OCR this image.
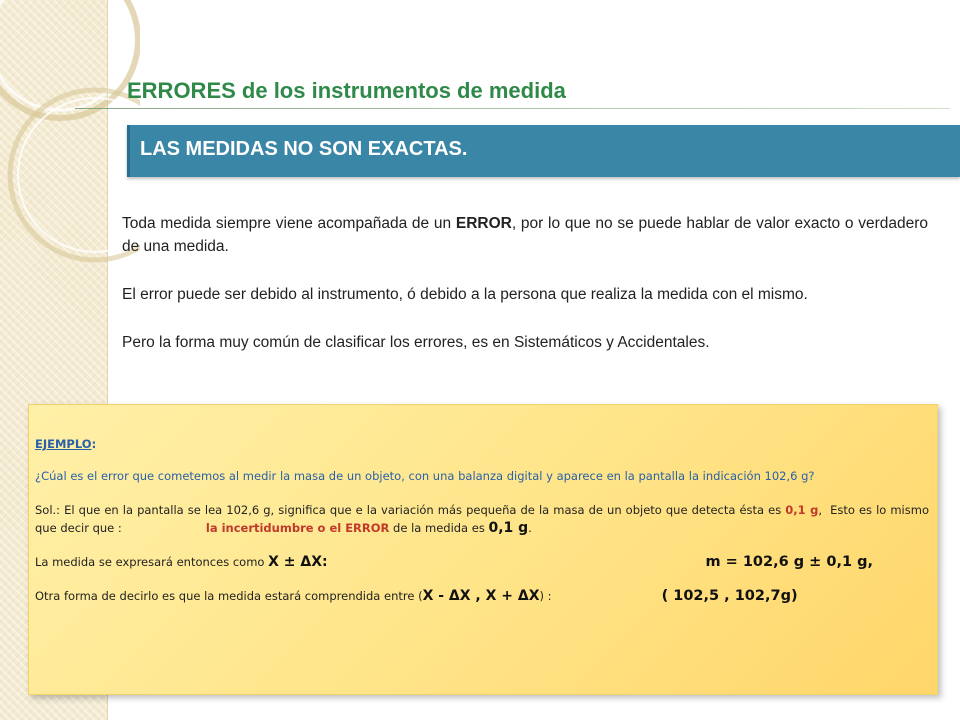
ERRORES de los instrumentos de medida
LAS MEDIDAS NO SON EXACTAS.

Toda medida siempre viene acompañada de un ERROR, por lo que no se puede hablar de valor exacto o verdadero de una medida.

El error puede ser debido al instrumento, ó debido a la persona que realiza la medida con el mismo.

Pero la forma muy común de clasificar los errores, es en Sistemáticos y Accidentales.

EJEMPLO:

¿Cúal es el error que cometemos al medir la masa de un objeto, con una balanza digital y aparece en la pantalla la indicación 102,6 g?

Sol.: El que en la pantalla se lea 102,6 g, significa que e la variación más pequeña de la masa de un objeto que detecta ésta es 0,1 g,  Esto es lo mismo que decir que :                       la incertidumbre o el ERROR de la medida es 0,1 g.

La medida se expresará entonces como X ± ΔX:	m = 102,6 g ± 0,1 g,

Otra forma de decirlo es que la medida estará comprendida entre (X - ΔX , X + ΔX) :	( 102,5 , 102,7g)
